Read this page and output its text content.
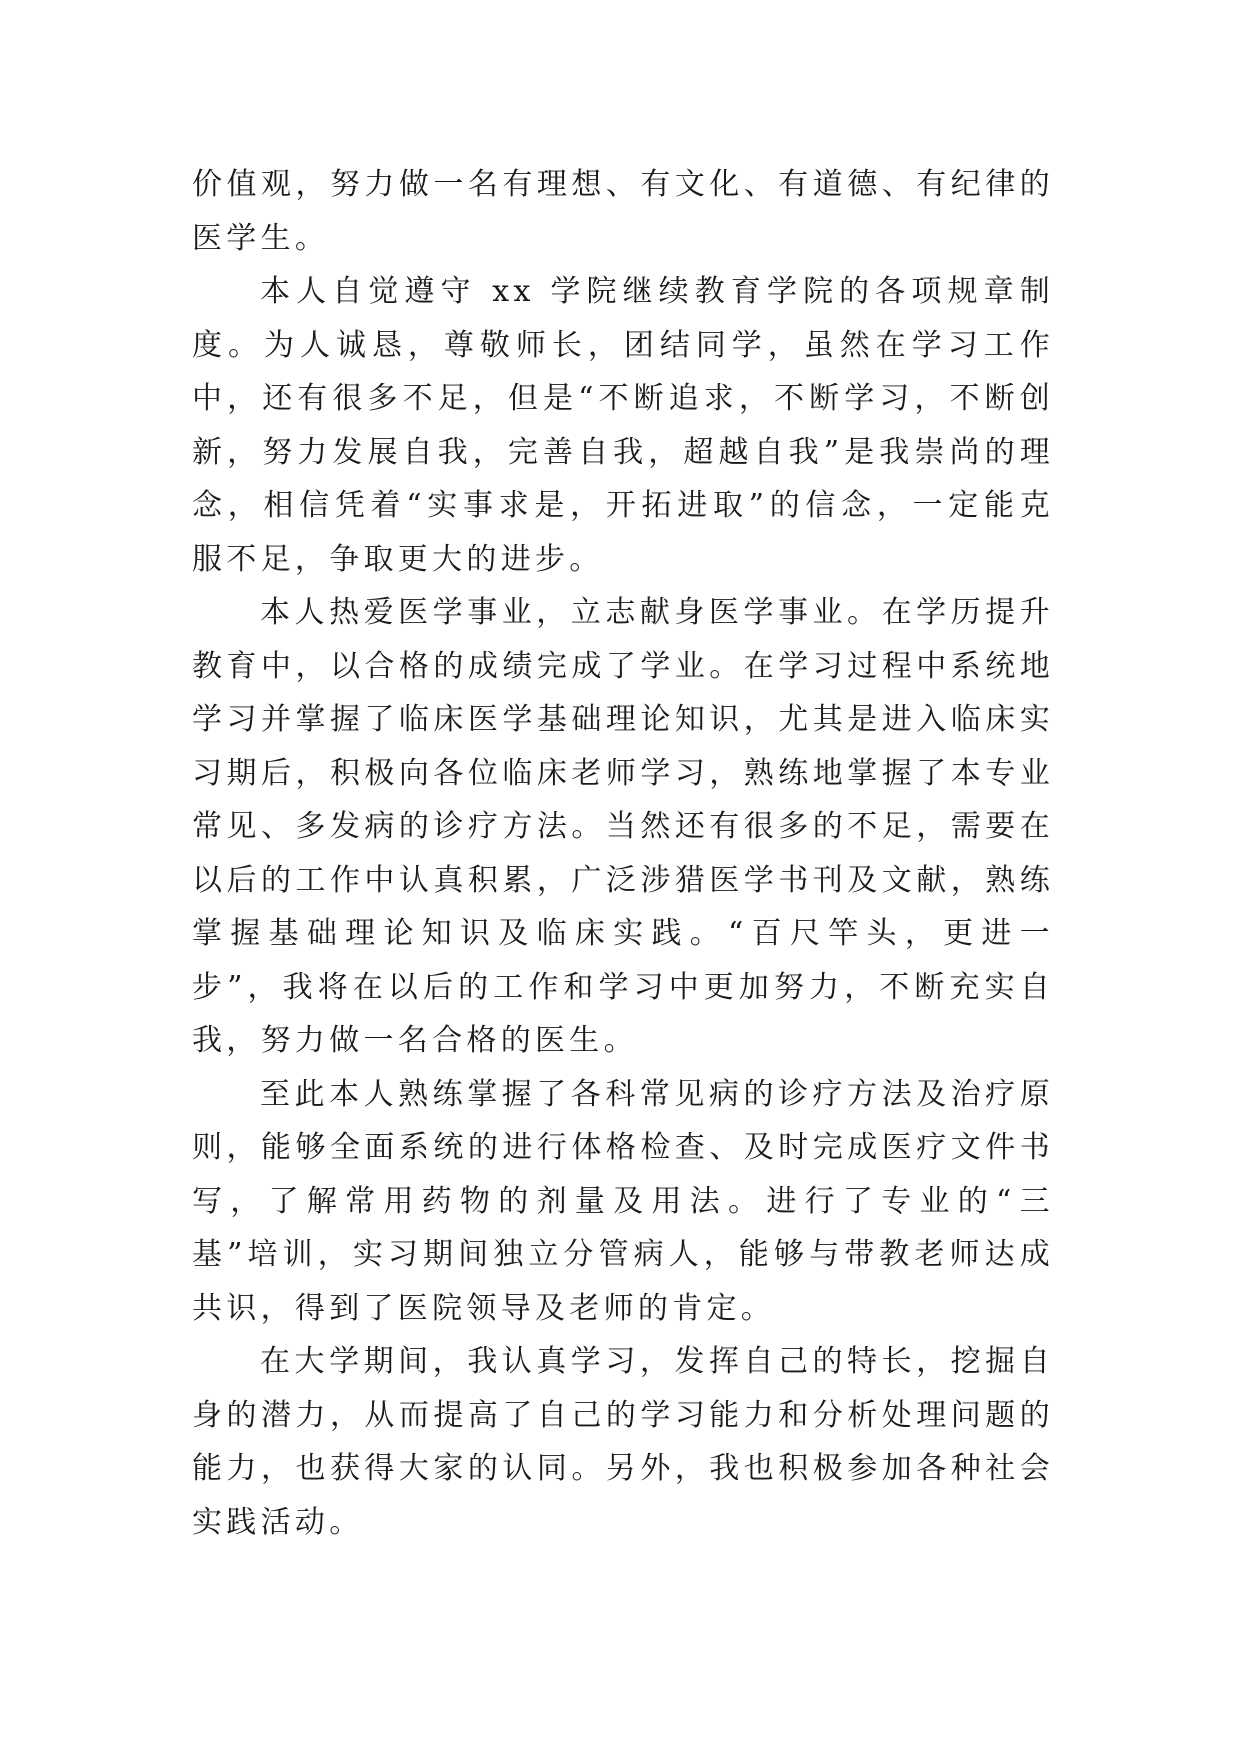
价值观，努力做一名有理想、有文化、有道德、有纪律的医学生。

本人自觉遵守 xx 学院继续教育学院的各项规章制度。为人诚恳，尊敬师长，团结同学，虽然在学习工作中，还有很多不足，但是“不断追求，不断学习，不断创新，努力发展自我，完善自我，超越自我”是我崇尚的理念，相信凭着“实事求是，开拓进取”的信念，一定能克服不足，争取更大的进步。

本人热爱医学事业，立志献身医学事业。在学历提升教育中，以合格的成绩完成了学业。在学习过程中系统地学习并掌握了临床医学基础理论知识，尤其是进入临床实习期后，积极向各位临床老师学习，熟练地掌握了本专业常见、多发病的诊疗方法。当然还有很多的不足，需要在以后的工作中认真积累，广泛涉猎医学书刊及文献，熟练掌握基础理论知识及临床实践。“百尺竿头，更进一步”，我将在以后的工作和学习中更加努力，不断充实自我，努力做一名合格的医生。

至此本人熟练掌握了各科常见病的诊疗方法及治疗原则，能够全面系统的进行体格检查、及时完成医疗文件书写，了解常用药物的剂量及用法。进行了专业的“三基”培训，实习期间独立分管病人，能够与带教老师达成共识，得到了医院领导及老师的肯定。

在大学期间，我认真学习，发挥自己的特长，挖掘自身的潜力，从而提高了自己的学习能力和分析处理问题的能力，也获得大家的认同。另外，我也积极参加各种社会实践活动。
